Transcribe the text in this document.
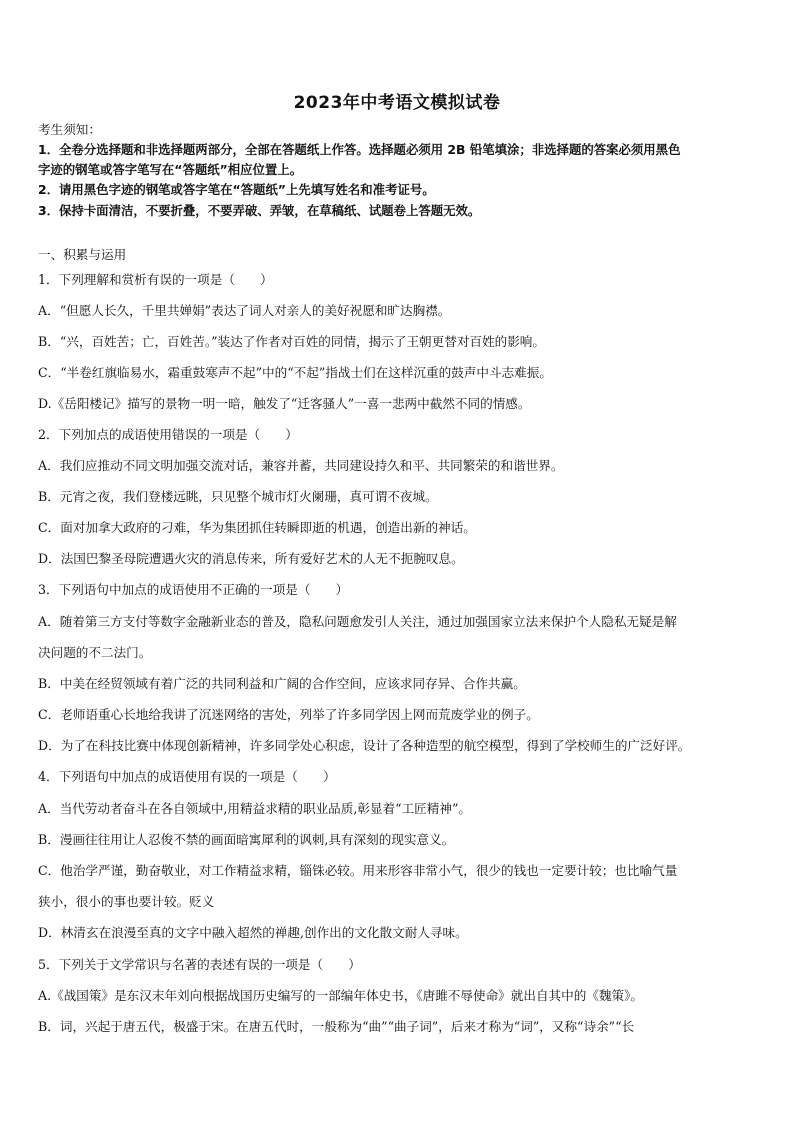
2023年中考语文模拟试卷
考生须知：
1．全卷分选择题和非选择题两部分，全部在答题纸上作答。选择题必须用 2B 铅笔填涂；非选择题的答案必须用黑色
字迹的钢笔或答字笔写在“答题纸”相应位置上。
2．请用黑色字迹的钢笔或答字笔在“答题纸”上先填写姓名和准考证号。
3．保持卡面清洁，不要折叠，不要弄破、弄皱，在草稿纸、试题卷上答题无效。
一、积累与运用
1．下列理解和赏析有误的一项是（　　）
A．“但愿人长久，千里共婵娟”表达了词人对亲人的美好祝愿和旷达胸襟。
B．“兴，百姓苦；亡，百姓苦。”装达了作者对百姓的同情，揭示了王朝更替对百姓的影响。
C．“半卷红旗临易水，霜重鼓寒声不起”中的“不起”指战士们在这样沉重的鼓声中斗志难振。
D.《岳阳楼记》描写的景物一明一暗，触发了“迁客骚人”一喜一悲两中截然不同的情感。
2．下列加点的成语使用错误的一项是（　　）
A．我们应推动不同文明加强交流对话，兼容并蓄，共同建设持久和平、共同繁荣的和谐世界。
B．元宵之夜，我们登楼远眺，只见整个城市灯火阑珊，真可谓不夜城。
C．面对加拿大政府的刁难，华为集团抓住转瞬即逝的机遇，创造出新的神话。
D．法国巴黎圣母院遭遇火灾的消息传来，所有爱好艺术的人无不扼腕叹息。
3．下列语句中加点的成语使用不正确的一项是（　　）
A．随着第三方支付等数字金融新业态的普及，隐私问题愈发引人关注，通过加强国家立法来保护个人隐私无疑是解
决问题的不二法门。
B．中美在经贸领域有着广泛的共同利益和广阔的合作空间，应该求同存异、合作共赢。
C．老师语重心长地给我讲了沉迷网络的害处，列举了许多同学因上网而荒废学业的例子。
D．为了在科技比赛中体现创新精神，许多同学处心积虑，设计了各种造型的航空模型，得到了学校师生的广泛好评。
4．下列语句中加点的成语使用有误的一项是（　　）
A．当代劳动者奋斗在各自领域中,用精益求精的职业品质,彰显着“工匠精神”。
B．漫画往往用让人忍俊不禁的画面暗寓犀利的讽刺,具有深刻的现实意义。
C．他治学严谨，勤奋敬业，对工作精益求精，锱铢必较。用来形容非常小气，很少的钱也一定要计较；也比喻气量
狭小，很小的事也要计较。贬义
D．林清玄在浪漫至真的文字中融入超然的禅趣,创作出的文化散文耐人寻味。
5．下列关于文学常识与名著的表述有误的一项是（　　）
A.《战国策》是东汉末年刘向根据战国历史编写的一部编年体史书，《唐雎不辱使命》就出自其中的《魏策》。
B．词，兴起于唐五代，极盛于宋。在唐五代时，一般称为“曲”“曲子词”，后来才称为“词”，又称“诗余”“长
